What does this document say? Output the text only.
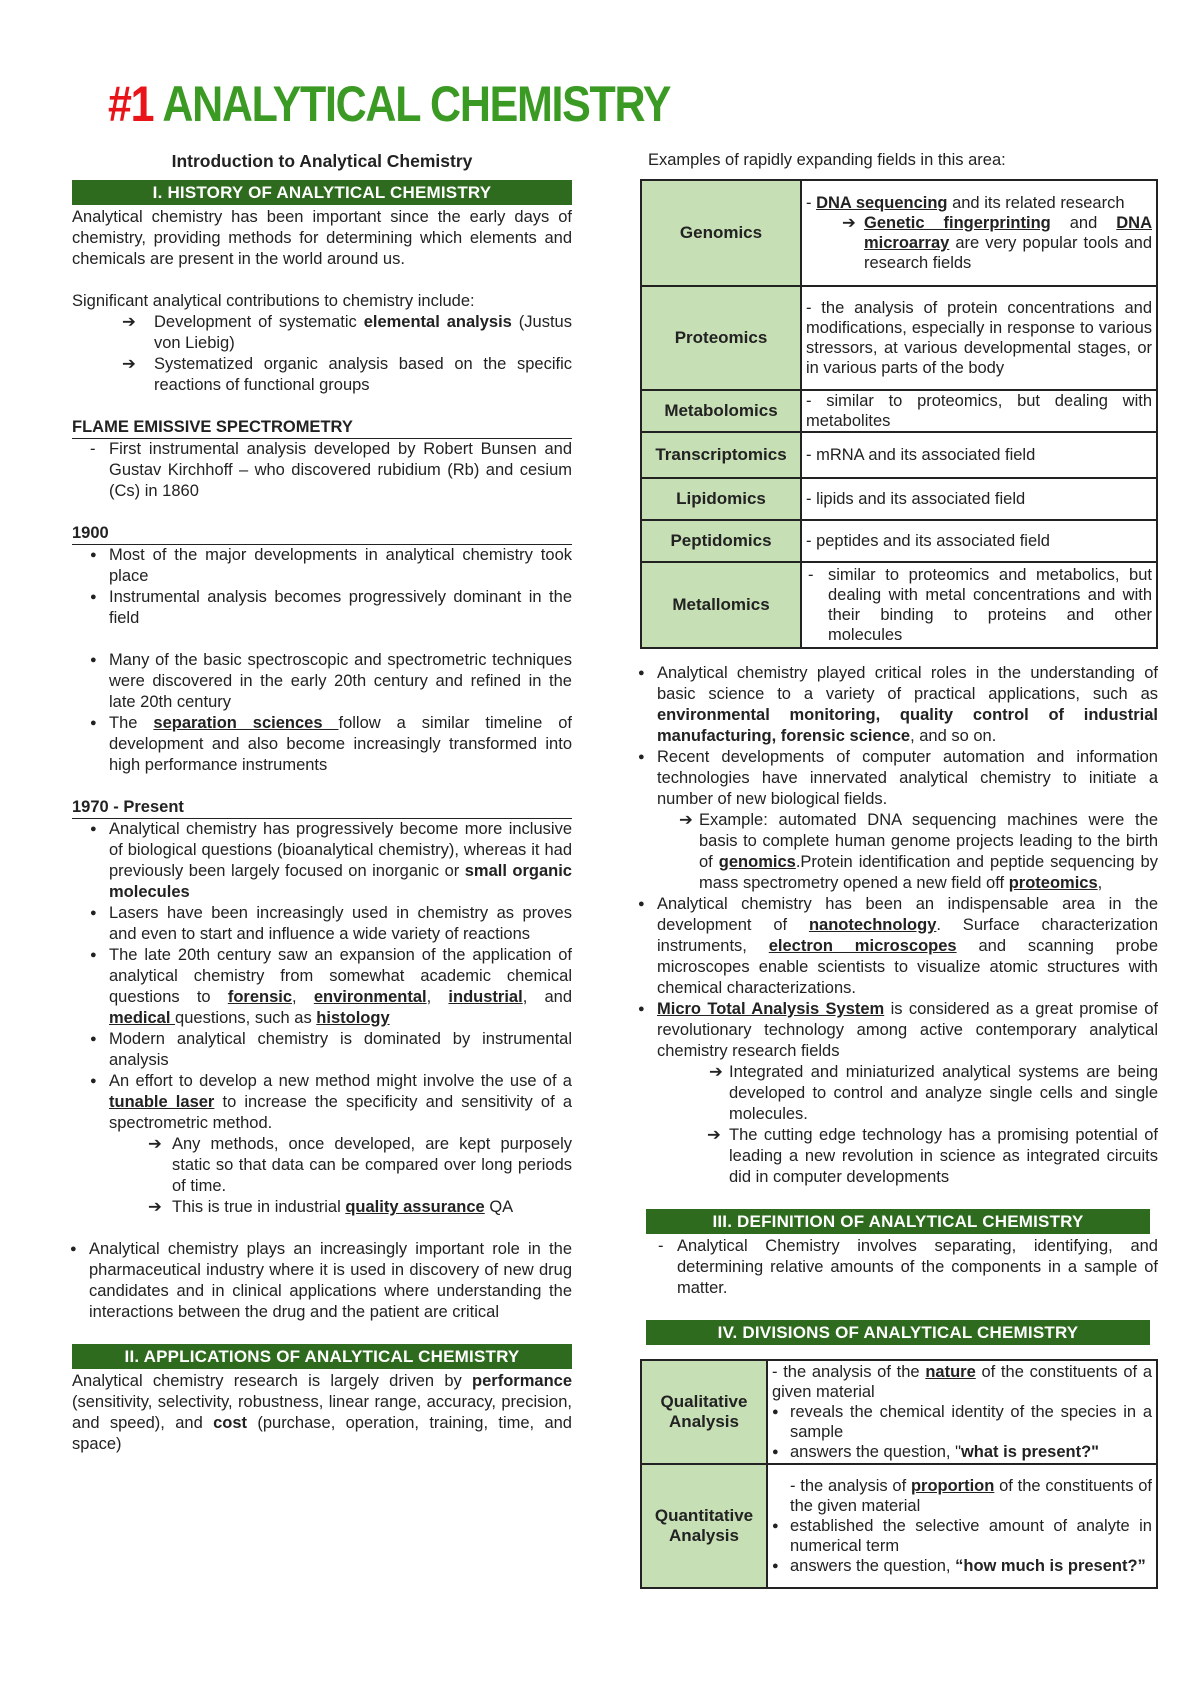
#1 ANALYTICAL CHEMISTRY
Introduction to Analytical Chemistry
I. HISTORY OF ANALYTICAL CHEMISTRY

Analytical chemistry has been important since the early days of chemistry, providing methods for determining which elements and chemicals are present in the world around us.

Significant analytical contributions to chemistry include:

➔ Development of systematic elemental analysis (Justus von Liebig)
➔ Systematized organic analysis based on the specific reactions of functional groups
FLAME EMISSIVE SPECTROMETRY
- First instrumental analysis developed by Robert Bunsen and Gustav Kirchhoff – who discovered rubidium (Rb) and cesium (Cs) in 1860
1900
● Most of the major developments in analytical chemistry took place
● Instrumental analysis becomes progressively dominant in the field
● Many of the basic spectroscopic and spectrometric techniques were discovered in the early 20th century and refined in the late 20th century
● The separation sciences follow a similar timeline of development and also become increasingly transformed into high performance instruments
1970 - Present
● Analytical chemistry has progressively become more inclusive of biological questions (bioanalytical chemistry), whereas it had previously been largely focused on inorganic or small organic molecules
● Lasers have been increasingly used in chemistry as proves and even to start and influence a wide variety of reactions
● The late 20th century saw an expansion of the application of analytical chemistry from somewhat academic chemical questions to forensic, environmental, industrial, and medical questions, such as histology
● Modern analytical chemistry is dominated by instrumental analysis
● An effort to develop a new method might involve the use of a tunable laser to increase the specificity and sensitivity of a spectrometric method.
➔ Any methods, once developed, are kept purposely static so that data can be compared over long periods of time.
➔ This is true in industrial quality assurance QA
● Analytical chemistry plays an increasingly important role in the pharmaceutical industry where it is used in discovery of new drug candidates and in clinical applications where understanding the interactions between the drug and the patient are critical
II. APPLICATIONS OF ANALYTICAL CHEMISTRY

Analytical chemistry research is largely driven by performance (sensitivity, selectivity, robustness, linear range, accuracy, precision, and speed), and cost (purchase, operation, training, time, and space)

Examples of rapidly expanding fields in this area:
Genomics	- DNA sequencing and its related research
➔ Genetic fingerprinting and DNA microarray are very popular tools and research fields

Proteomics	- the analysis of protein concentrations and modifications, especially in response to various stressors, at various developmental stages, or in various parts of the body
Metabolomics	- similar to proteomics, but dealing with metabolites
Transcriptomics	- mRNA and its associated field
Lipidomics	- lipids and its associated field
Peptidomics	- peptides and its associated field
Metallomics	- similar to proteomics and metabolics, but dealing with metal concentrations and with their binding to proteins and other molecules
● Analytical chemistry played critical roles in the understanding of basic science to a variety of practical applications, such as environmental monitoring, quality control of industrial manufacturing, forensic science, and so on.
● Recent developments of computer automation and information technologies have innervated analytical chemistry to initiate a number of new biological fields.
➔ Example: automated DNA sequencing machines were the basis to complete human genome projects leading to the birth of genomics.Protein identification and peptide sequencing by mass spectrometry opened a new field off proteomics,
● Analytical chemistry has been an indispensable area in the development of nanotechnology. Surface characterization instruments, electron microscopes and scanning probe microscopes enable scientists to visualize atomic structures with chemical characterizations.
● Micro Total Analysis System is considered as a great promise of revolutionary technology among active contemporary analytical chemistry research fields
➔ Integrated and miniaturized analytical systems are being developed to control and analyze single cells and single molecules.
➔ The cutting edge technology has a promising potential of leading a new revolution in science as integrated circuits did in computer developments
III. DEFINITION OF ANALYTICAL CHEMISTRY
- Analytical Chemistry involves separating, identifying, and determining relative amounts of the components in a sample of matter.
IV. DIVISIONS OF ANALYTICAL CHEMISTRY
Qualitative Analysis	- the analysis of the nature of the constituents of a given material
● reveals the chemical identity of the species in a sample
● answers the question, "what is present?"

Quantitative Analysis	- the analysis of proportion of the constituents of the given material
● established the selective amount of analyte in numerical term
● answers the question, “how much is present?”
